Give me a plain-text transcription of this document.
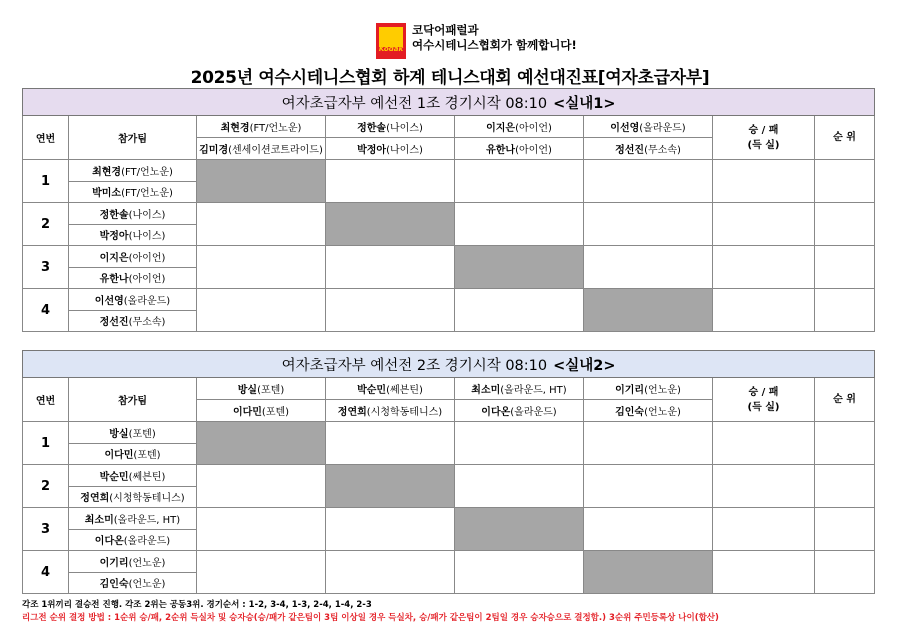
Kodak
코닥어패럴과
여수시테니스협회가 함께합니다!
2025년 여수시테니스협회 하계 테니스대회 예선대진표[여자초급자부]
여자초급자부 예선전 1조 경기시작 08:10 <실내1>							
연번	참가팀	최현경(FT/언노운)	정한솔(나이스)	이지은(아이언)	이선영(올라운드)	승 / 패
(득 실)	순 위
		김미경(센세이션코트라이드)	박정아(나이스)	유한나(아이언)	정선진(무소속)		
1	최현경(FT/언노운)						
	박미소(FT/언노운)						
2	정한솔(나이스)						
	박정아(나이스)						
3	이지은(아이언)						
	유한나(아이언)						
4	이선영(올라운드)						
	정선진(무소속)						
여자초급자부 예선전 2조 경기시작 08:10 <실내2>							
연번	참가팀	방실(포텐)	박순민(쎄븐틴)	최소미(올라운드, HT)	이기리(언노운)	승 / 패
(득 실)	순 위
		이다민(포텐)	정연희(시청학동테니스)	이다온(올라운드)	김인숙(언노운)		
1	방실(포텐)						
	이다민(포텐)						
2	박순민(쎄븐틴)						
	정연희(시청학동테니스)						
3	최소미(올라운드, HT)						
	이다온(올라운드)						
4	이기리(언노운)						
	김인숙(언노운)						
각조 1위끼리 결승전 진행. 각조 2위는 공동3위. 경기순서 : 1-2, 3-4, 1-3, 2-4, 1-4, 2-3
리그전 순위 결정 방법 : 1순위 승/패, 2순위 득실차 및 승자승(승/패가 같은팀이 3팀 이상일 경우 득실차, 승/패가 같은팀이 2팀일 경우 승자승으로 결정함.) 3순위 주민등록상 나이(합산)
